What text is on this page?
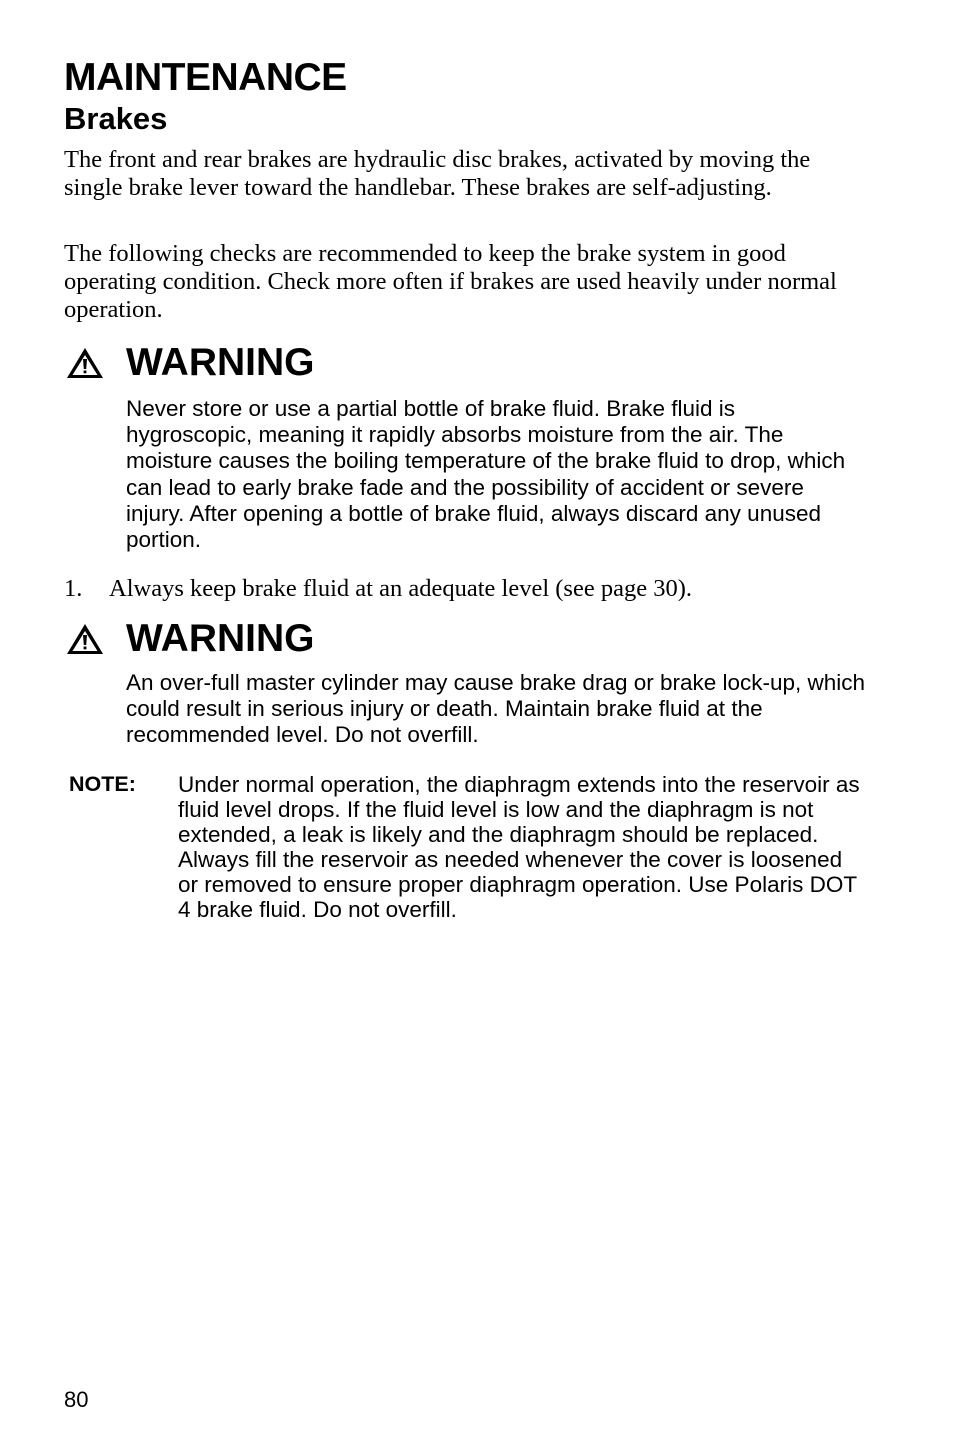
MAINTENANCE
Brakes

The front and rear brakes are hydraulic disc brakes, activated by moving the single brake lever toward the handlebar. These brakes are self-adjusting.

The following checks are recommended to keep the brake system in good operating condition. Check more often if brakes are used heavily under normal operation.

WARNING

Never store or use a partial bottle of brake fluid. Brake fluid is hygroscopic, meaning it rapidly absorbs moisture from the air. The moisture causes the boiling temperature of the brake fluid to drop, which can lead to early brake fade and the possibility of accident or severe injury. After opening a bottle of brake fluid, always discard any unused portion.

1. Always keep brake fluid at an adequate level (see page 30).
WARNING

An over-full master cylinder may cause brake drag or brake lock-up, which could result in serious injury or death. Maintain brake fluid at the recommended level. Do not overfill.

NOTE: Under normal operation, the diaphragm extends into the reservoir as fluid level drops. If the fluid level is low and the diaphragm is not extended, a leak is likely and the diaphragm should be replaced. Always fill the reservoir as needed whenever the cover is loosened or removed to ensure proper diaphragm operation. Use Polaris DOT 4 brake fluid. Do not overfill.

80
